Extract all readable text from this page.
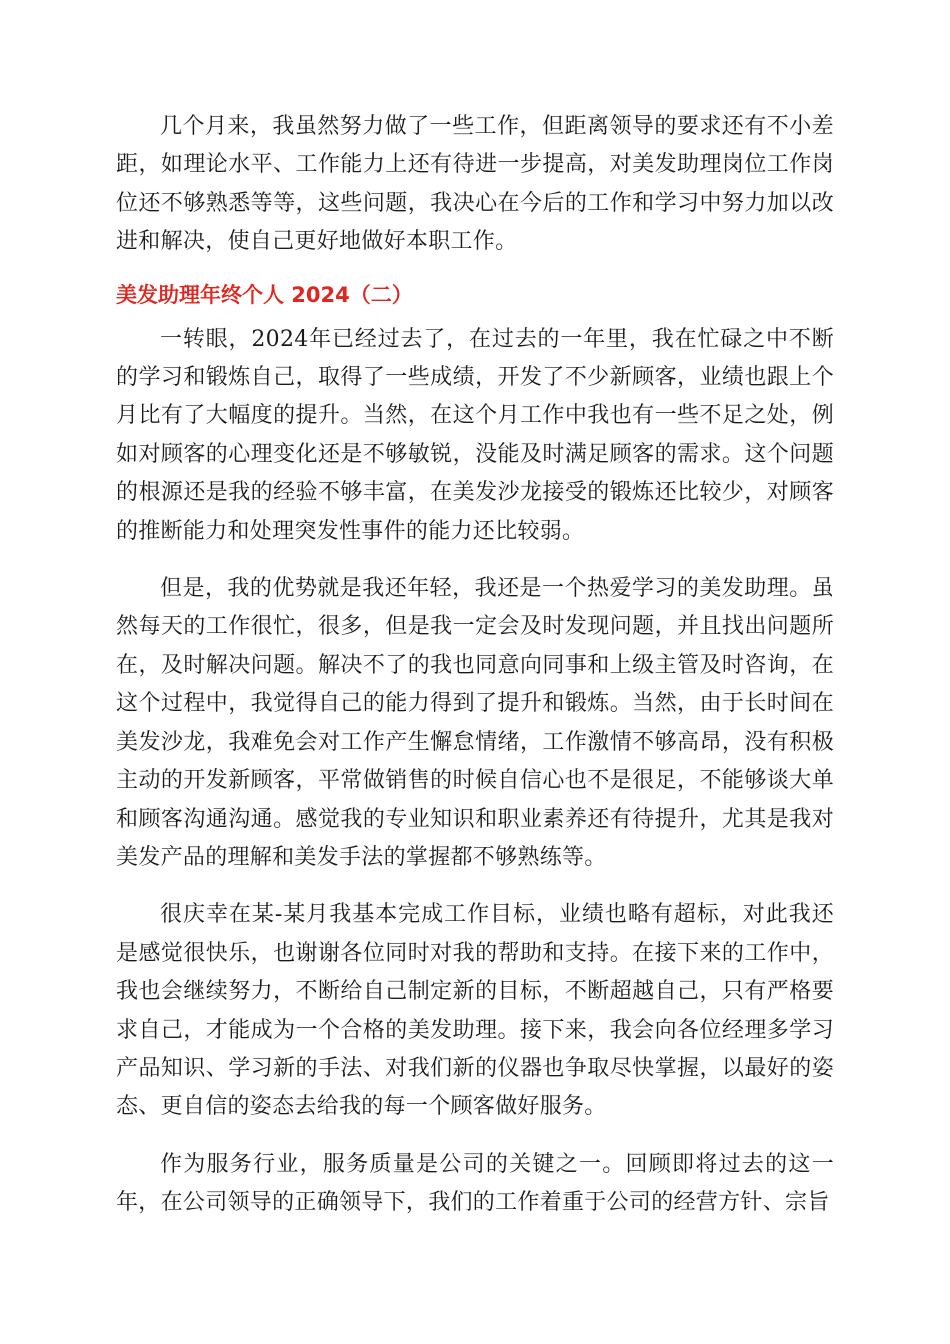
几个月来，我虽然努力做了一些工作，但距离领导的要求还有不小差距，如理论水平、工作能力上还有待进一步提高，对美发助理岗位工作岗位还不够熟悉等等，这些问题，我决心在今后的工作和学习中努力加以改进和解决，使自己更好地做好本职工作。

美发助理年终个人 2024（二）

一转眼，2024年已经过去了，在过去的一年里，我在忙碌之中不断的学习和锻炼自己，取得了一些成绩，开发了不少新顾客，业绩也跟上个月比有了大幅度的提升。当然，在这个月工作中我也有一些不足之处，例如对顾客的心理变化还是不够敏锐，没能及时满足顾客的需求。这个问题的根源还是我的经验不够丰富，在美发沙龙接受的锻炼还比较少，对顾客的推断能力和处理突发性事件的能力还比较弱。

但是，我的优势就是我还年轻，我还是一个热爱学习的美发助理。虽然每天的工作很忙，很多，但是我一定会及时发现问题，并且找出问题所在，及时解决问题。解决不了的我也同意向同事和上级主管及时咨询，在这个过程中，我觉得自己的能力得到了提升和锻炼。当然，由于长时间在美发沙龙，我难免会对工作产生懈怠情绪，工作激情不够高昂，没有积极主动的开发新顾客，平常做销售的时候自信心也不是很足，不能够谈大单和顾客沟通沟通。感觉我的专业知识和职业素养还有待提升，尤其是我对美发产品的理解和美发手法的掌握都不够熟练等。

很庆幸在某-某月我基本完成工作目标，业绩也略有超标，对此我还是感觉很快乐，也谢谢各位同时对我的帮助和支持。在接下来的工作中，我也会继续努力，不断给自己制定新的目标，不断超越自己，只有严格要求自己，才能成为一个合格的美发助理。接下来，我会向各位经理多学习产品知识、学习新的手法、对我们新的仪器也争取尽快掌握，以最好的姿态、更自信的姿态去给我的每一个顾客做好服务。

作为服务行业，服务质量是公司的关键之一。回顾即将过去的这一年，在公司领导的正确领导下，我们的工作着重于公司的经营方针、宗旨
